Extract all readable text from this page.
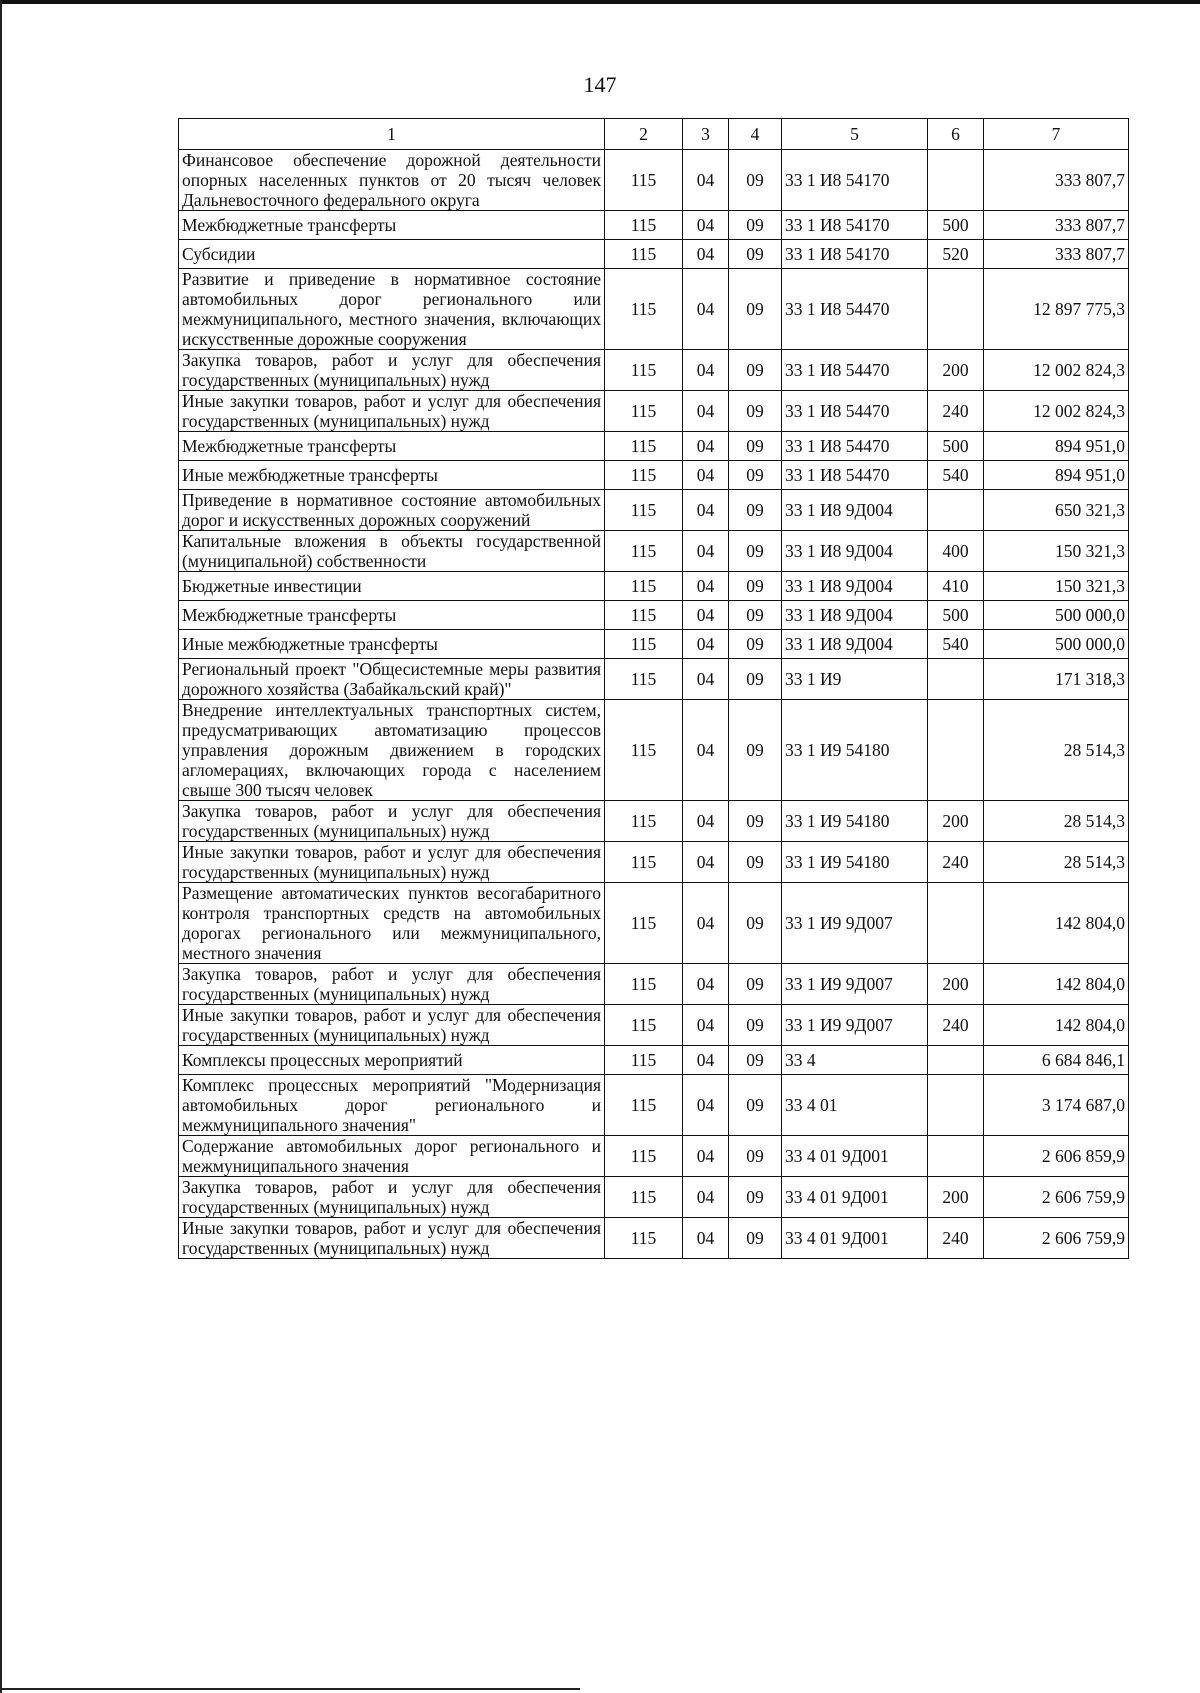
147
1	2	3	4	5	6	7
Финансовое обеспечение дорожной деятельности опорных населенных пунктов от 20 тысяч человек Дальневосточного федерального округа	115	04	09	33 1 И8 54170		333 807,7
Межбюджетные трансферты	115	04	09	33 1 И8 54170	500	333 807,7
Субсидии	115	04	09	33 1 И8 54170	520	333 807,7
Развитие и приведение в нормативное состояние автомобильных дорог регионального или межмуниципального, местного значения, включающих искусственные дорожные сооружения	115	04	09	33 1 И8 54470		12 897 775,3
Закупка товаров, работ и услуг для обеспечения государственных (муниципальных) нужд	115	04	09	33 1 И8 54470	200	12 002 824,3
Иные закупки товаров, работ и услуг для обеспечения государственных (муниципальных) нужд	115	04	09	33 1 И8 54470	240	12 002 824,3
Межбюджетные трансферты	115	04	09	33 1 И8 54470	500	894 951,0
Иные межбюджетные трансферты	115	04	09	33 1 И8 54470	540	894 951,0
Приведение в нормативное состояние автомобильных дорог и искусственных дорожных сооружений	115	04	09	33 1 И8 9Д004		650 321,3
Капитальные вложения в объекты государственной (муниципальной) собственности	115	04	09	33 1 И8 9Д004	400	150 321,3
Бюджетные инвестиции	115	04	09	33 1 И8 9Д004	410	150 321,3
Межбюджетные трансферты	115	04	09	33 1 И8 9Д004	500	500 000,0
Иные межбюджетные трансферты	115	04	09	33 1 И8 9Д004	540	500 000,0
Региональный проект "Общесистемные меры развития дорожного хозяйства (Забайкальский край)"	115	04	09	33 1 И9		171 318,3
Внедрение интеллектуальных транспортных систем, предусматривающих автоматизацию процессов управления дорожным движением в городских агломерациях, включающих города с населением свыше 300 тысяч человек	115	04	09	33 1 И9 54180		28 514,3
Закупка товаров, работ и услуг для обеспечения государственных (муниципальных) нужд	115	04	09	33 1 И9 54180	200	28 514,3
Иные закупки товаров, работ и услуг для обеспечения государственных (муниципальных) нужд	115	04	09	33 1 И9 54180	240	28 514,3
Размещение автоматических пунктов весогабаритного контроля транспортных средств на автомобильных дорогах регионального или межмуниципального, местного значения	115	04	09	33 1 И9 9Д007		142 804,0
Закупка товаров, работ и услуг для обеспечения государственных (муниципальных) нужд	115	04	09	33 1 И9 9Д007	200	142 804,0
Иные закупки товаров, работ и услуг для обеспечения государственных (муниципальных) нужд	115	04	09	33 1 И9 9Д007	240	142 804,0
Комплексы процессных мероприятий	115	04	09	33 4		6 684 846,1
Комплекс процессных мероприятий "Модернизация автомобильных дорог регионального и межмуниципального значения"	115	04	09	33 4 01		3 174 687,0
Содержание автомобильных дорог регионального и межмуниципального значения	115	04	09	33 4 01 9Д001		2 606 859,9
Закупка товаров, работ и услуг для обеспечения государственных (муниципальных) нужд	115	04	09	33 4 01 9Д001	200	2 606 759,9
Иные закупки товаров, работ и услуг для обеспечения государственных (муниципальных) нужд	115	04	09	33 4 01 9Д001	240	2 606 759,9
